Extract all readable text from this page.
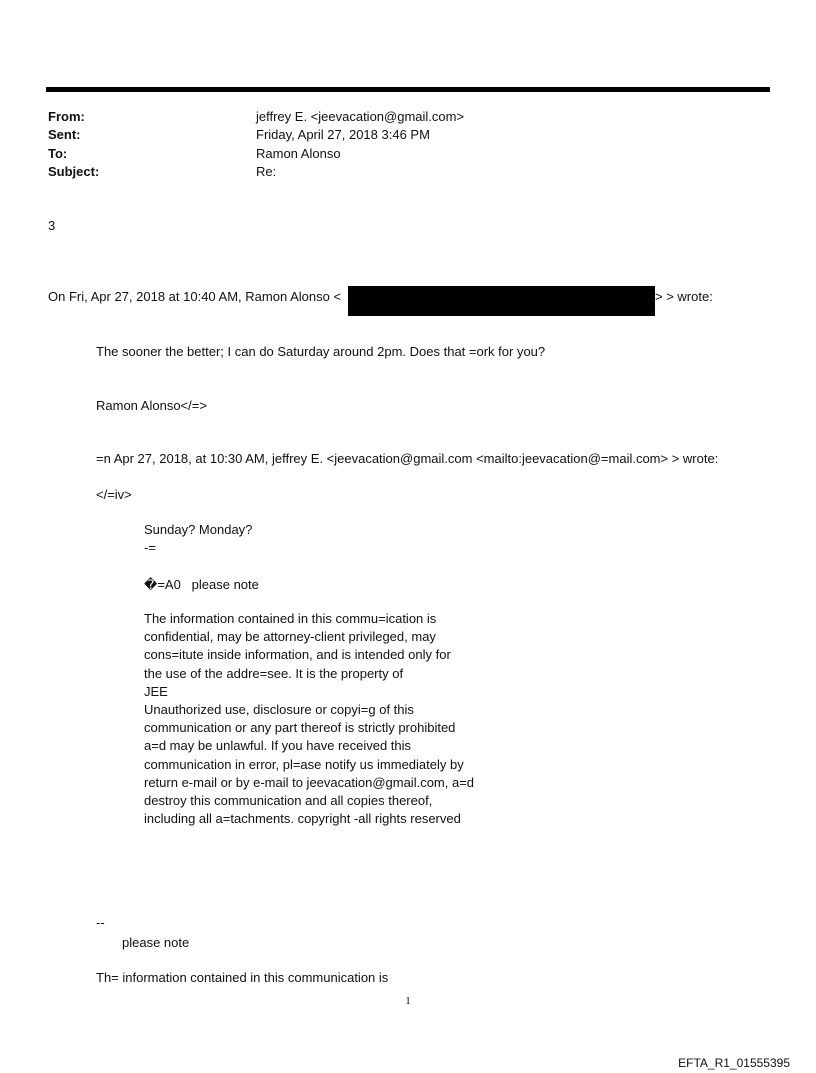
From:	jeffrey E. <jeevacation@gmail.com>
Sent:	Friday, April 27, 2018 3:46 PM
To:	Ramon Alonso
Subject:	Re:
3
On Fri, Apr 27, 2018 at 10:40 AM, Ramon Alonso <	> > wrote:
The sooner the better; I can do Saturday around 2pm. Does that =ork for you?
Ramon Alonso</=>
=n Apr 27, 2018, at 10:30 AM, jeffrey E. <jeevacation@gmail.com <mailto:jeevacation@=mail.com> > wrote:
</=iv>
Sunday? Monday?
-=
�=A0   please note
The information contained in this commu=ication is
confidential, may be attorney-client privileged, may
cons=itute inside information, and is intended only for
the use of the addre=see. It is the property of
JEE
Unauthorized use, disclosure or copyi=g of this
communication or any part thereof is strictly prohibited
a=d may be unlawful. If you have received this
communication in error, pl=ase notify us immediately by
return e-mail or by e-mail to jeevacation@gmail.com, a=d
destroy this communication and all copies thereof,
including all a=tachments. copyright -all rights reserved
--
please note
Th= information contained in this communication is
1
EFTA_R1_01555395
